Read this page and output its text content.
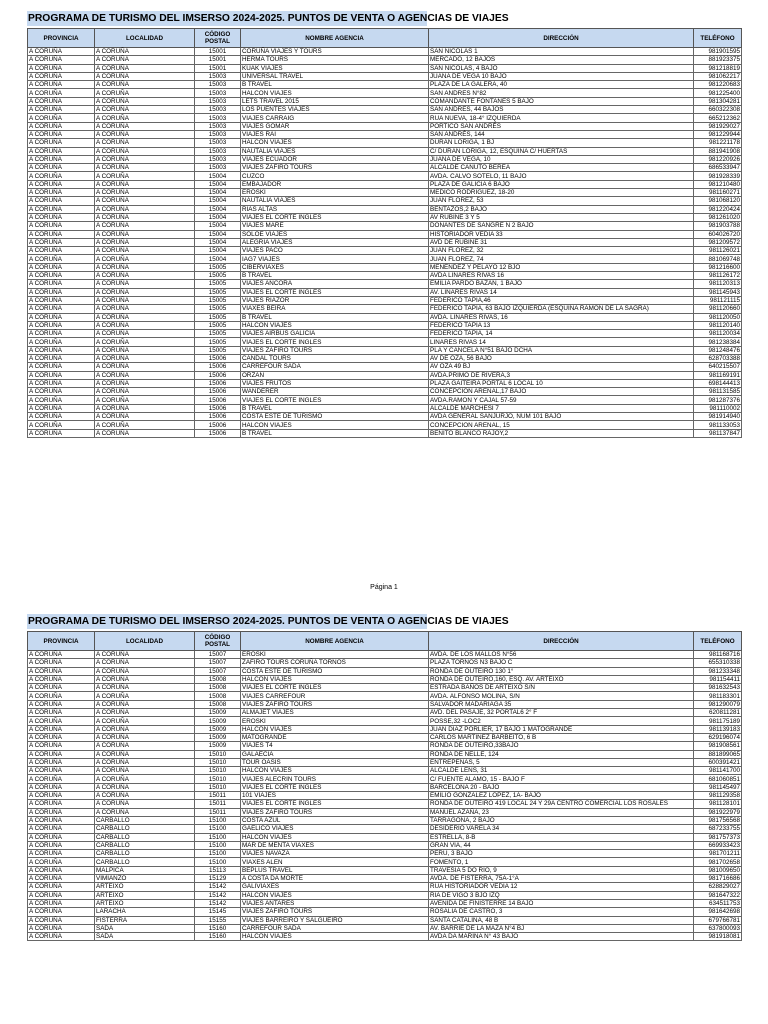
PROGRAMA DE TURISMO DEL IMSERSO 2024-2025. PUNTOS DE VENTA O AGENCIAS DE VIAJES
PROVINCIA	LOCALIDAD	CÓDIGO POSTAL	NOMBRE AGENCIA	DIRECCIÓN	TELÉFONO
A CORUÑA	A CORUÑA	15001	CORUÑA VIAJES Y TOURS	SAN NICOLAS 1	981901595
A CORUÑA	A CORUÑA	15001	HERMA TOURS	MERCADO, 12 BAJOS	881923375
A CORUÑA	A CORUÑA	15001	KUAK VIAJES	SAN NICOLAS, 4 BAJO	981218819
A CORUÑA	A CORUÑA	15003	UNIVERSAL TRAVEL	JUANA DE VEGA 10 BAJO	981062217
A CORUÑA	A CORUÑA	15003	B TRAVEL	PLAZA DE LA GALERA, 40	981220683
A CORUÑA	A CORUÑA	15003	HALCON VIAJES	SAN ANDRES N°82	981225400
A CORUÑA	A CORUÑA	15003	LETS TRAVEL 2015	COMANDANTE FONTANES 5 BAJO	981304281
A CORUÑA	A CORUÑA	15003	LOS PUENTES VIAJES	SAN ANDRES, 44 BAJOS	660322308
A CORUÑA	A CORUÑA	15003	VIAJES CARRAIG	RUA NUEVA, 18-4° IZQUIERDA	665212362
A CORUÑA	A CORUÑA	15003	VIAJES GOMAR	PORTICO SAN ANDRÉS	981929027
A CORUÑA	A CORUÑA	15003	VIAJES RAI	SAN ANDRÉS, 144	981229944
A CORUÑA	A CORUÑA	15003	HALCON VIAJES	DURAN LORIGA, 1 BJ	981221178
A CORUÑA	A CORUÑA	15003	NAUTALIA VIAJES	C/ DURAN LORIGA, 12, ESQUINA C/ HUERTAS	881941908
A CORUÑA	A CORUÑA	15003	VIAJES ECUADOR	JUANA DE VEGA, 10	981220926
A CORUÑA	A CORUÑA	15003	VIAJES ZAFIRO TOURS	ALCALDE CANUTO BEREA	686533947
A CORUÑA	A CORUÑA	15004	CUZCO	AVDA. CALVO SOTELO, 11 BAJO	981928339
A CORUÑA	A CORUÑA	15004	EMBAJADOR	PLAZA DE GALICIA 6 BAJO	981210480
A CORUÑA	A CORUÑA	15004	EROSKI	MEDICO RODRIGUEZ, 18-20	981160271
A CORUÑA	A CORUÑA	15004	NAUTALIA VIAJES	JUAN FLOREZ, 53	981068120
A CORUÑA	A CORUÑA	15004	RIAS ALTAS	BENTAZOS,2 BAJO	981220424
A CORUÑA	A CORUÑA	15004	VIAJES EL CORTE INGLES	AV RUBINE 3 Y 5	981261020
A CORUÑA	A CORUÑA	15004	VIAJES MARE	DONANTES DE SANGRE N 2 BAJO	981903788
A CORUÑA	A CORUÑA	15004	SOLOE VIAJES	HISTORIADOR VEDIA 33	604026720
A CORUÑA	A CORUÑA	15004	ALEGRIA VIAJES	AVD DE RUBINE 31	981209572
A CORUÑA	A CORUÑA	15004	VIAJES PACO	JUAN FLOREZ, 32	981126021
A CORUÑA	A CORUÑA	15004	IAG7 VIAJES	JUAN FLOREZ, 74	881069748
A CORUÑA	A CORUÑA	15005	CIBERVIAXES	MENENDEZ Y PELAYO 12 BJO	981216600
A CORUÑA	A CORUÑA	15005	B TRAVEL	AVDA LINARES RIVAS 16	981126172
A CORUÑA	A CORUÑA	15005	VIAJES ANCORA	EMILIA PARDO BAZAN, 1 BAJO	981120313
A CORUÑA	A CORUÑA	15005	VIAJES EL CORTE INGLES	AV. LINARES RIVAS 14	981145943
A CORUÑA	A CORUÑA	15005	VIAJES RIAZOR	FEDERICO TAPIA,46	981121115
A CORUÑA	A CORUÑA	15005	VIAXES BEIRA	FEDERICO TAPIA, 63 BAJO IZQUIERDA (ESQUINA RAMON DE LA SAGRA)	981120660
A CORUÑA	A CORUÑA	15005	B TRAVEL	AVDA. LINARES RIVAS, 16	981120050
A CORUÑA	A CORUÑA	15005	HALCON VIAJES	FEDERICO TAPIA 13	981120140
A CORUÑA	A CORUÑA	15005	VIAJES AIRBUS GALICIA	FEDERICO TAPIA, 14	981120034
A CORUÑA	A CORUÑA	15005	VIAJES EL CORTE INGLES	LINARES RIVAS 14	981238384
A CORUÑA	A CORUÑA	15005	VIAJES ZAFIRO TOURS	PLA Y CANCELA N°51 BAJO DCHA	981248476
A CORUÑA	A CORUÑA	15006	CANDAL TOURS	AV DE OZA, 56 BAJO	628703388
A CORUÑA	A CORUÑA	15006	CARREFOUR SADA	AV OZA 49 BJ	640215507
A CORUÑA	A CORUÑA	15006	ORZAN	AVDA.PRIMO DE RIVERA,3	981169191
A CORUÑA	A CORUÑA	15006	VIAJES FRUTOS	PLAZA GAITEIRA PORTAL 6 LOCAL 10	698144413
A CORUÑA	A CORUÑA	15006	WANDERER	CONCEPCION ARENAL,17 BAJO	981131585
A CORUÑA	A CORUÑA	15006	VIAJES EL CORTE INGLES	AVDA.RAMON Y CAJAL 57-59	981287376
A CORUÑA	A CORUÑA	15006	B TRAVEL	ALCALDE MARCHESI 7	981110002
A CORUÑA	A CORUÑA	15006	COSTA ESTE DE TURISMO	AVDA GENERAL SANJURJO, NUM 101 BAJO	981914940
A CORUÑA	A CORUÑA	15006	HALCON VIAJES	CONCEPCION ARENAL, 15	981133053
A CORUÑA	A CORUÑA	15006	B TRAVEL	BENITO BLANCO RAJOY,2	981137847
Página 1
PROGRAMA DE TURISMO DEL IMSERSO 2024-2025. PUNTOS DE VENTA O AGENCIAS DE VIAJES
PROVINCIA	LOCALIDAD	CÓDIGO POSTAL	NOMBRE AGENCIA	DIRECCIÓN	TELÉFONO
A CORUÑA	A CORUÑA	15007	EROSKI	AVDA. DE LOS MALLOS N°56	981168716
A CORUÑA	A CORUÑA	15007	ZAFIRO TOURS CORUÑA TORNOS	PLAZA TORNOS N3 BAJO C	655310338
A CORUÑA	A CORUÑA	15007	COSTA ESTE DE TURISMO	RONDA DE OUTEIRO 130 1°	981233348
A CORUÑA	A CORUÑA	15008	HALCON VIAJES	RONDA DE OUTEIRO,160, ESQ. AV. ARTEIXO	981154411
A CORUÑA	A CORUÑA	15008	VIAJES EL CORTE INGLES	ESTRADA BAÑOS DE ARTEIXO S/N	981632543
A CORUÑA	A CORUÑA	15008	VIAJES CARREFOUR	AVDA. ALFONSO MOLINA, S/N	981183301
A CORUÑA	A CORUÑA	15008	VIAJES ZAFIRO TOURS	SALVADOR MADARIAGA 35	981290079
A CORUÑA	A CORUÑA	15009	ALMAJET VIAJES	AVD. DEL PASAJE, 32 PORTAL6 2° F	620811281
A CORUÑA	A CORUÑA	15009	EROSKI	POSSE,32 -LOC2	981175189
A CORUÑA	A CORUÑA	15009	HALCON VIAJES	JUAN DIAZ PORLIER, 17 BAJO 1 MATOGRANDE	981139183
A CORUÑA	A CORUÑA	15009	MATOGRANDE	CARLOS MARTINEZ BARBEITO, 6 B	629196074
A CORUÑA	A CORUÑA	15009	VIAJES T4	RONDA DE OUTEIRO,33BAJO	981908561
A CORUÑA	A CORUÑA	15010	GALAECIA	RONDA DE NELLE, 124	881899065
A CORUÑA	A CORUÑA	15010	TOUR OASIS	ENTREPENAS, 5	600391421
A CORUÑA	A CORUÑA	15010	HALCON VIAJES	ALCALDE LENS, 31	981141700
A CORUÑA	A CORUÑA	15010	VIAJES ALECRIN TOURS	C/ FUENTE ALAMO, 15 - BAJO F	681060851
A CORUÑA	A CORUÑA	15010	VIAJES EL CORTE INGLES	BARCELONA 20 - BAJO	981145497
A CORUÑA	A CORUÑA	15011	101 VIAJES	EMILIO GONZALEZ LOPEZ, 1A- BAJO	981129358
A CORUÑA	A CORUÑA	15011	VIAJES EL CORTE INGLES	RONDA DE OUTEIRO 419 LOCAL 24 Y 29A CENTRO COMERCIAL LOS ROSALES	981128101
A CORUÑA	A CORUÑA	15011	VIAJES ZAFIRO TOURS	MANUEL AZAÑA, 23	981922979
A CORUÑA	CARBALLO	15100	COSTA AZUL	TARRAGONA, 2 BAJO	981756568
A CORUÑA	CARBALLO	15100	GAELICO VIAJES	DESIDERIO VARELA 34	687233755
A CORUÑA	CARBALLO	15100	HALCON VIAJES	ESTRELLA, 8-B	981757373
A CORUÑA	CARBALLO	15100	MAR DE MENTA VIAXES	GRAN VIA, 44	669933423
A CORUÑA	CARBALLO	15100	VIAJES NAVAZA	PERU, 3 BAJO	981701211
A CORUÑA	CARBALLO	15100	VIAXES ALEN	FOMENTO, 1	981702658
A CORUÑA	MALPICA	15113	BEPLUS TRAVEL	TRAVESIA 5 DO RIO, 9	981009650
A CORUÑA	VIMIANZO	15129	A COSTA DA MORTE	AVDA. DE FISTERRA, 75A-1°A	981716686
A CORUÑA	ARTEIXO	15142	GALIVIAXES	RUA HISTORIADOR VEDIA 12	628829027
A CORUÑA	ARTEIXO	15142	HALCON VIAJES	RIA DE VIGO 3 BJO IZQ	981647322
A CORUÑA	ARTEIXO	15142	VIAJES ANTARES	AVENIDA DE FINISTERRE 14 BAJO	634511753
A CORUÑA	LARACHA	15145	VIAJES ZAFIRO TOURS	ROSALIA DE CASTRO, 3	981642698
A CORUÑA	FISTERRA	15155	VIAJES BARREIRO Y SALGUEIRO	SANTA CATALINA, 48 B	679766781
A CORUÑA	SADA	15160	CARREFOUR SADA	AV. BARRIE DE LA MAZA N°4 BJ	637800093
A CORUÑA	SADA	15160	HALCON VIAJES	AVDA DA MARINA N° 43 BAJO	981918081
